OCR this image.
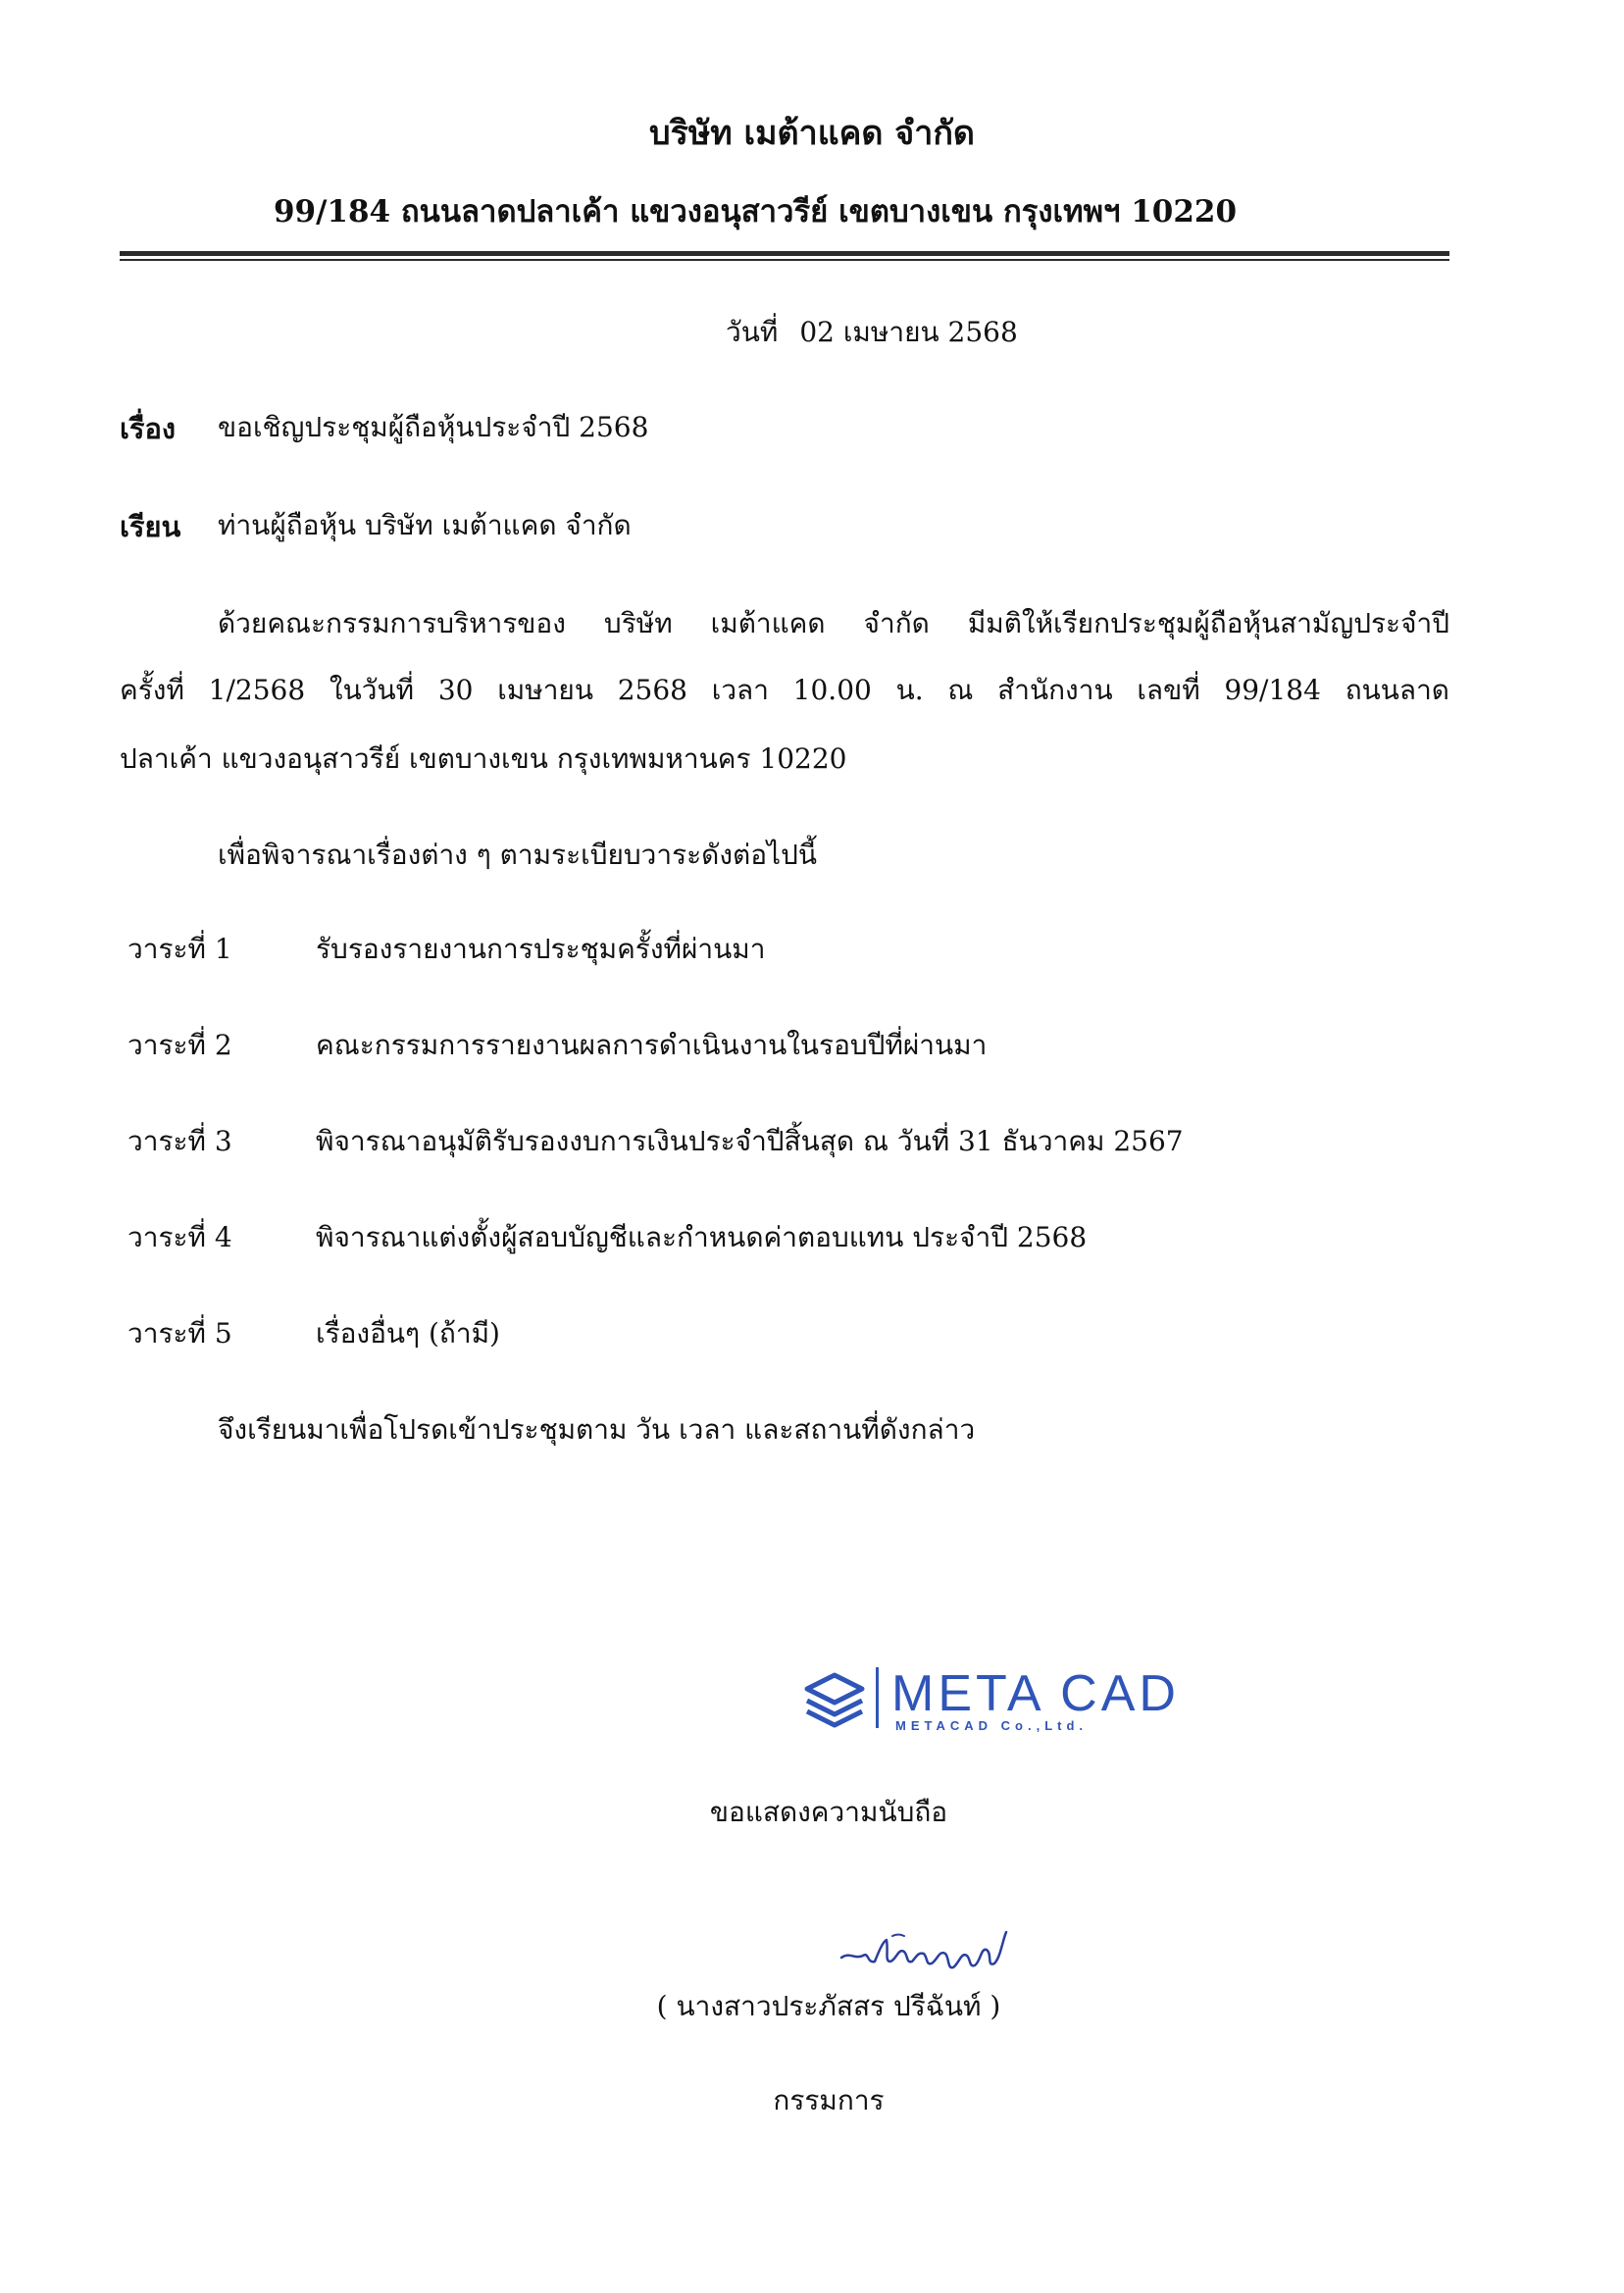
บริษัท เมต้าแคด จำกัด
99/184 ถนนลาดปลาเค้า แขวงอนุสาวรีย์ เขตบางเขน กรุงเทพฯ 10220
วันที่ 02 เมษายน 2568
เรื่อง ขอเชิญประชุมผู้ถือหุ้นประจำปี 2568
เรียน ท่านผู้ถือหุ้น บริษัท เมต้าแคด จำกัด
ด้วยคณะกรรมการบริหารของ บริษัท เมต้าแคด จำกัด มีมติให้เรียกประชุมผู้ถือหุ้นสามัญประจำปี
ครั้งที่ 1/2568 ในวันที่ 30 เมษายน 2568 เวลา 10.00 น. ณ สำนักงาน เลขที่ 99/184 ถนนลาด
ปลาเค้า แขวงอนุสาวรีย์ เขตบางเขน กรุงเทพมหานคร 10220
เพื่อพิจารณาเรื่องต่าง ๆ ตามระเบียบวาระดังต่อไปนี้
วาระที่ 1	รับรองรายงานการประชุมครั้งที่ผ่านมา
วาระที่ 2	คณะกรรมการรายงานผลการดำเนินงานในรอบปีที่ผ่านมา
วาระที่ 3	พิจารณาอนุมัติรับรองงบการเงินประจำปีสิ้นสุด ณ วันที่ 31 ธันวาคม 2567
วาระที่ 4	พิจารณาแต่งตั้งผู้สอบบัญชีและกำหนดค่าตอบแทน ประจำปี 2568
วาระที่ 5	เรื่องอื่นๆ (ถ้ามี)
จึงเรียนมาเพื่อโปรดเข้าประชุมตาม วัน เวลา และสถานที่ดังกล่าว
META CAD
METACAD Co.,Ltd.
ขอแสดงความนับถือ
( นางสาวประภัสสร ปรีฉันท์ )
กรรมการ
